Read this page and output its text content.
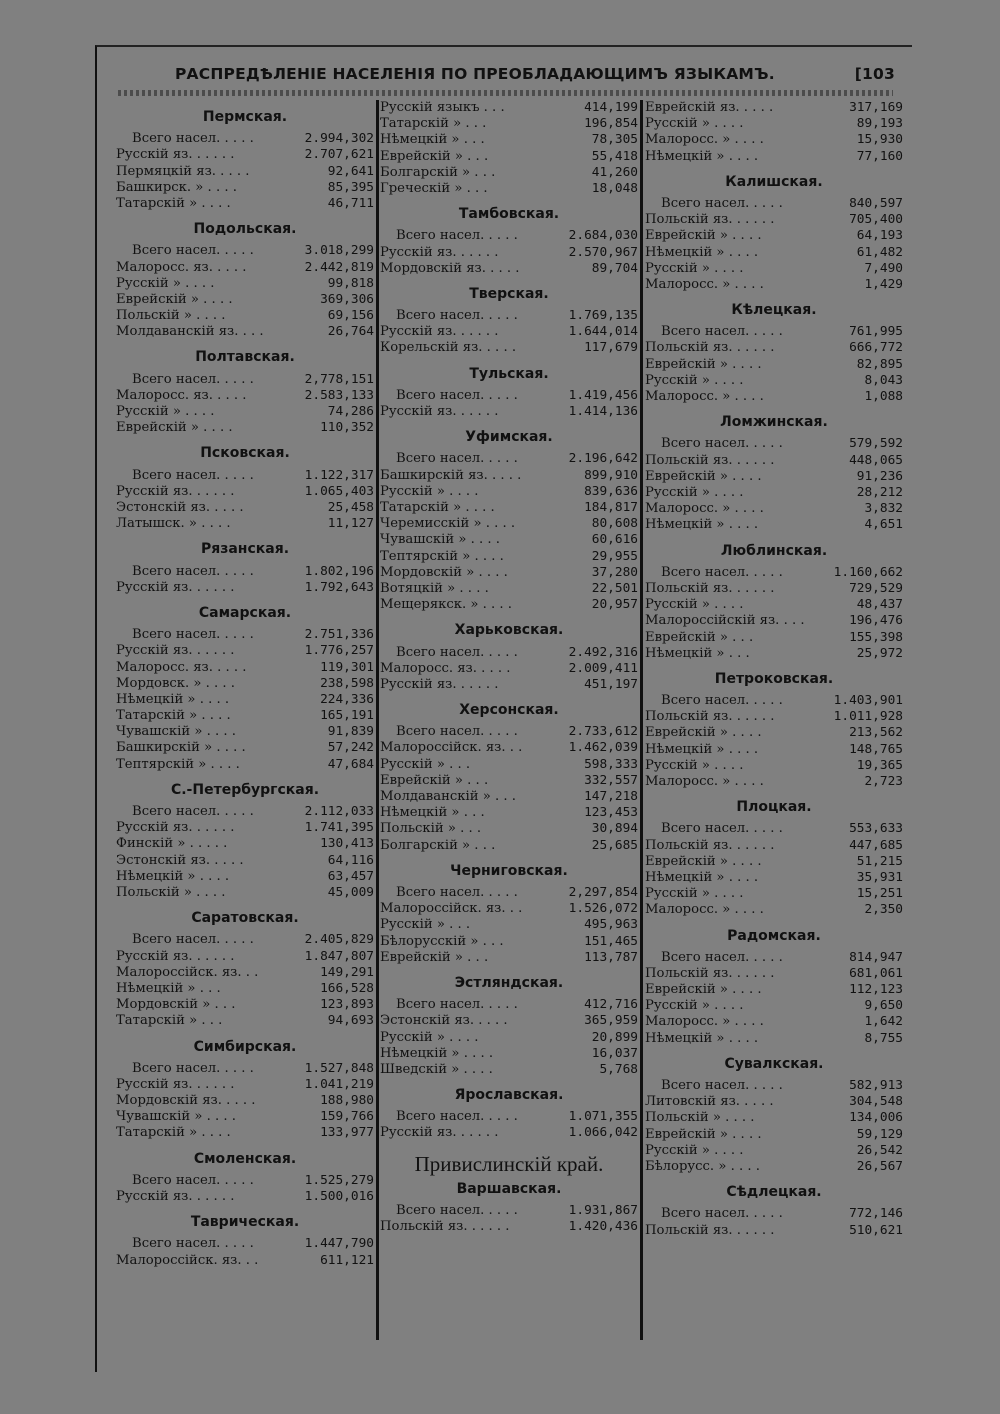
РАСПРЕДѢЛЕНІЕ НАСЕЛЕНІЯ ПО ПРЕОБЛАДАЮЩИМЪ ЯЗЫКАМЪ.	[103
Пермская.
Всего насел. . . . .	2.994,302
Русскій яз. . . . . .	2.707,621
Пермяцкій яз. . . . .	92,641
Башкирск. » . . . .	85,395
Татарскій » . . . .	46,711
Подольская.
Всего насел. . . . .	3.018,299
Малоросс. яз. . . . .	2.442,819
Русскій » . . . .	99,818
Еврейскій » . . . .	369,306
Польскій » . . . .	69,156
Молдаванскій яз. . . .	26,764
Полтавская.
Всего насел. . . . .	2,778,151
Малоросс. яз. . . . .	2.583,133
Русскій » . . . .	74,286
Еврейскій » . . . .	110,352
Псковская.
Всего насел. . . . .	1.122,317
Русскій яз. . . . . .	1.065,403
Эстонскій яз. . . . .	25,458
Латышск. » . . . .	11,127
Рязанская.
Всего насел. . . . .	1.802,196
Русскій яз. . . . . .	1.792,643
Самарская.
Всего насел. . . . .	2.751,336
Русскій яз. . . . . .	1.776,257
Малоросс. яз. . . . .	119,301
Мордовск. » . . . .	238,598
Нѣмецкій » . . . .	224,336
Татарскій » . . . .	165,191
Чувашскій » . . . .	91,839
Башкирскій » . . . .	57,242
Тептярскій » . . . .	47,684
С.-Петербургская.
Всего насел. . . . .	2.112,033
Русскій яз. . . . . .	1.741,395
Финскій » . . . . .	130,413
Эстонскій яз. . . . .	64,116
Нѣмецкій » . . . .	63,457
Польскій » . . . .	45,009
Саратовская.
Всего насел. . . . .	2.405,829
Русскій яз. . . . . .	1.847,807
Малороссійск. яз. . .	149,291
Нѣмецкій » . . .	166,528
Мордовскій » . . .	123,893
Татарскій » . . .	94,693
Симбирская.
Всего насел. . . . .	1.527,848
Русскій яз. . . . . .	1.041,219
Мордовскій яз. . . . .	188,980
Чувашскій » . . . .	159,766
Татарскій » . . . .	133,977
Смоленская.
Всего насел. . . . .	1.525,279
Русскій яз. . . . . .	1.500,016
Таврическая.
Всего насел. . . . .	1.447,790
Малороссійск. яз. . .	611,121
Русскій языкъ . . .	414,199
Татарскій » . . .	196,854
Нѣмецкій » . . .	78,305
Еврейскій » . . .	55,418
Болгарскій » . . .	41,260
Греческій » . . .	18,048
Тамбовская.
Всего насел. . . . .	2.684,030
Русскій яз. . . . . .	2.570,967
Мордовскій яз. . . . .	89,704
Тверская.
Всего насел. . . . .	1.769,135
Русскій яз. . . . . .	1.644,014
Корельскій яз. . . . .	117,679
Тульская.
Всего насел. . . . .	1.419,456
Русскій яз. . . . . .	1.414,136
Уфимская.
Всего насел. . . . .	2.196,642
Башкирскій яз. . . . .	899,910
Русскій » . . . .	839,636
Татарскій » . . . .	184,817
Черемисскій » . . . .	80,608
Чувашскій » . . . .	60,616
Тептярскій » . . . .	29,955
Мордовскій » . . . .	37,280
Вотяцкій » . . . .	22,501
Мещерякск. » . . . .	20,957
Харьковская.
Всего насел. . . . .	2.492,316
Малоросс. яз. . . . .	2.009,411
Русскій яз. . . . . .	451,197
Херсонская.
Всего насел. . . . .	2.733,612
Малороссійск. яз. . .	1.462,039
Русскій » . . .	598,333
Еврейскій » . . .	332,557
Молдаванскій » . . .	147,218
Нѣмецкій » . . .	123,453
Польскій » . . .	30,894
Болгарскій » . . .	25,685
Черниговская.
Всего насел. . . . .	2,297,854
Малороссійск. яз. . .	1.526,072
Русскій » . . .	495,963
Бѣлорусскій » . . .	151,465
Еврейскій » . . .	113,787
Эстляндская.
Всего насел. . . . .	412,716
Эстонскій яз. . . . .	365,959
Русскій » . . . .	20,899
Нѣмецкій » . . . .	16,037
Шведскій » . . . .	5,768
Ярославская.
Всего насел. . . . .	1.071,355
Русскій яз. . . . . .	1.066,042
Привислинскій край.
Варшавская.
Всего насел. . . . .	1.931,867
Польскій яз. . . . . .	1.420,436
Еврейскій яз. . . . .	317,169
Русскій » . . . .	89,193
Малоросс. » . . . .	15,930
Нѣмецкій » . . . .	77,160
Калишская.
Всего насел. . . . .	840,597
Польскій яз. . . . . .	705,400
Еврейскій » . . . .	64,193
Нѣмецкій » . . . .	61,482
Русскій » . . . .	7,490
Малоросс. » . . . .	1,429
Кѣлецкая.
Всего насел. . . . .	761,995
Польскій яз. . . . . .	666,772
Еврейскій » . . . .	82,895
Русскій » . . . .	8,043
Малоросс. » . . . .	1,088
Ломжинская.
Всего насел. . . . .	579,592
Польскій яз. . . . . .	448,065
Еврейскій » . . . .	91,236
Русскій » . . . .	28,212
Малоросс. » . . . .	3,832
Нѣмецкій » . . . .	4,651
Люблинская.
Всего насел. . . . .	1.160,662
Польскій яз. . . . . .	729,529
Русскій » . . . .	48,437
Малороссійскій яз. . . .	196,476
Еврейскій » . . .	155,398
Нѣмецкій » . . .	25,972
Петроковская.
Всего насел. . . . .	1.403,901
Польскій яз. . . . . .	1.011,928
Еврейскій » . . . .	213,562
Нѣмецкій » . . . .	148,765
Русскій » . . . .	19,365
Малоросс. » . . . .	2,723
Плоцкая.
Всего насел. . . . .	553,633
Польскій яз. . . . . .	447,685
Еврейскій » . . . .	51,215
Нѣмецкій » . . . .	35,931
Русскій » . . . .	15,251
Малоросс. » . . . .	2,350
Радомская.
Всего насел. . . . .	814,947
Польскій яз. . . . . .	681,061
Еврейскій » . . . .	112,123
Русскій » . . . .	9,650
Малоросс. » . . . .	1,642
Нѣмецкій » . . . .	8,755
Сувалкская.
Всего насел. . . . .	582,913
Литовскій яз. . . . .	304,548
Польскій » . . . .	134,006
Еврейскій » . . . .	59,129
Русскій » . . . .	26,542
Бѣлорусс. » . . . .	26,567
Сѣдлецкая.
Всего насел. . . . .	772,146
Польскій яз. . . . . .	510,621
